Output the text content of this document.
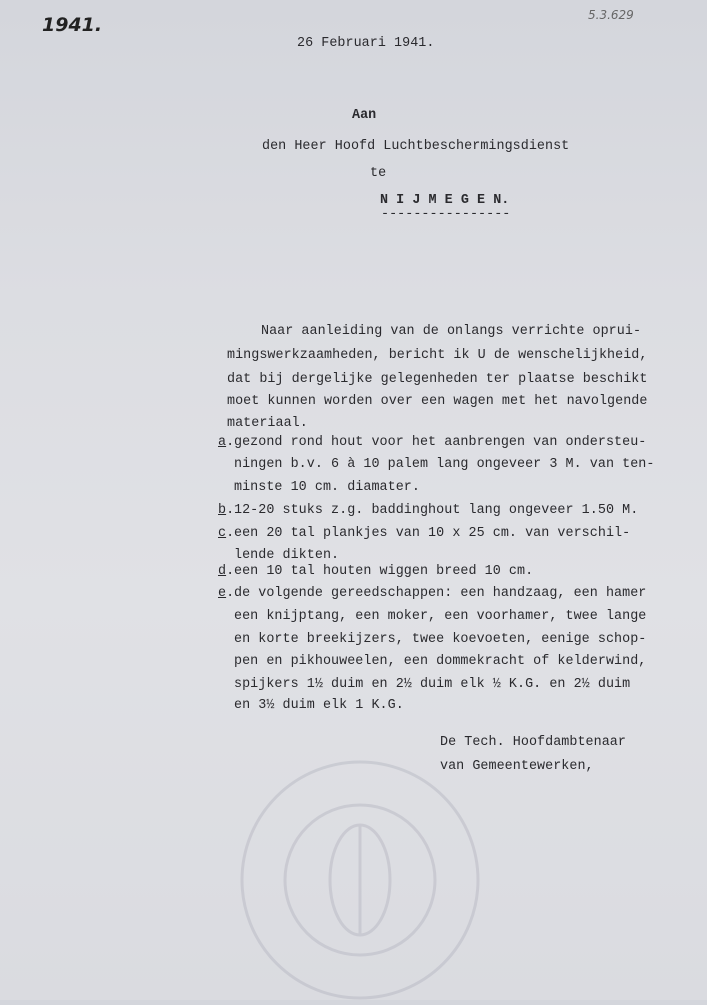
1941.	5.3.629
26 Februari 1941.
Aan
den Heer Hoofd Luchtbeschermingsdienst
te
N I J M E G E N.
----------------
Naar aanleiding van de onlangs verrichte oprui-
mingswerkzaamheden, bericht ik U de wenschelijkheid,
dat bij dergelijke gelegenheden ter plaatse beschikt
moet kunnen worden over een wagen met het navolgende
materiaal.
a. gezond rond hout voor het aanbrengen van ondersteu-
ningen b.v. 6 à 10 palem lang ongeveer 3 M. van ten-
minste 10 cm. diamater.
b. 12-20 stuks z.g. baddinghout lang ongeveer 1.50 M.
c. een 20 tal plankjes van 10 x 25 cm. van verschil-
lende dikten.
d. een 10 tal houten wiggen breed 10 cm.
e. de volgende gereedschappen: een handzaag, een hamer
een knijptang, een moker, een voorhamer, twee lange
en korte breekijzers, twee koevoeten, eenige schop-
pen en pikhouweelen, een dommekracht of kelderwind,
spijkers 1½ duim en 2½ duim elk ½ K.G. en 2½ duim
en 3½ duim elk 1 K.G.
De Tech. Hoofdambtenaar
van Gemeentewerken,
